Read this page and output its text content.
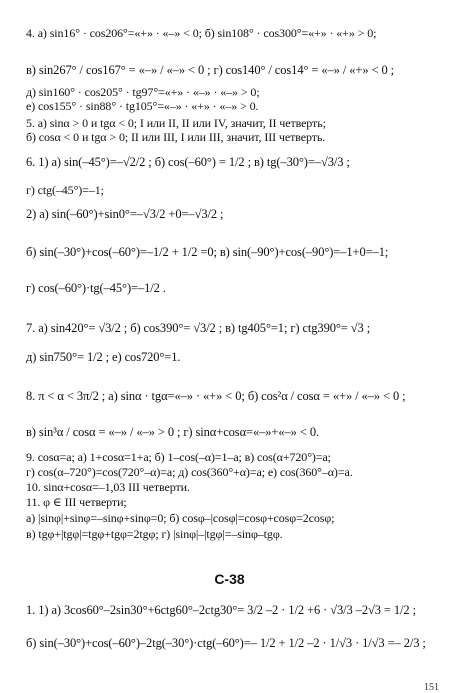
4. а) sin16° · cos206°=«+» · «–» < 0; б) sin108° · cos300°=«+» · «+» > 0;
в) sin267° / cos167° = «–» / «–» < 0 ; г) cos140° / cos14° = «–» / «+» < 0 ;
д) sin160° · cos205° · tg97°=«+» · «–» · «–» > 0;
е) cos155° · sin88° · tg105°=«–» · «+» · «–» > 0.
5. а) sinα > 0 и tgα < 0; I или II, II или IV, значит, II четверть;
б) cosα < 0 и tgα > 0; II или III, I или III, значит, III четверть.
6. 1) а) sin(–45°)=–√2/2 ; б) cos(–60°) = 1/2 ; в) tg(–30°)=–√3/3 ;
г) ctg(–45°)=–1;
2) а) sin(–60°)+sin0°=–√3/2 +0=–√3/2 ;
б) sin(–30°)+cos(–60°)=–1/2 + 1/2 =0; в) sin(–90°)+cos(–90°)=–1+0=–1;
г) cos(–60°)·tg(–45°)=–1/2 .
7. а) sin420°= √3/2 ; б) cos390°= √3/2 ; в) tg405°=1; г) ctg390°= √3 ;
д) sin750°= 1/2 ; е) cos720°=1.
8. π < α < 3π/2 ; а) sinα · tgα=«–» · «+» < 0; б) cos²α / cosα = «+» / «–» < 0 ;
в) sin³α / cosα = «–» / «–» > 0 ; г) sinα+cosα=«–»+«–» < 0.
9. cosα=a; а) 1+cosα=1+a; б) 1–cos(–α)=1–a; в) cos(α+720°)=a;
г) cos(α–720°)=cos(720°–α)=a; д) cos(360°+α)=a; е) cos(360°–α)=a.
10. sinα+cosα=–1,03 III четверти.
11. φ ∈ III четверти;
а) |sinφ|+sinφ=–sinφ+sinφ=0; б) cosφ–|cosφ|=cosφ+cosφ=2cosφ;
в) tgφ+|tgφ|=tgφ+tgφ=2tgφ; г) |sinφ|–|tgφ|=–sinφ–tgφ.
С-38
1. 1) а) 3cos60°–2sin30°+6ctg60°–2ctg30°= 3/2 –2 · 1/2 +6 · √3/3 –2√3 = 1/2 ;
б) sin(–30°)+cos(–60°)–2tg(–30°)·ctg(–60°)=– 1/2 + 1/2 –2 · 1/√3 · 1/√3 =– 2/3 ;
151
